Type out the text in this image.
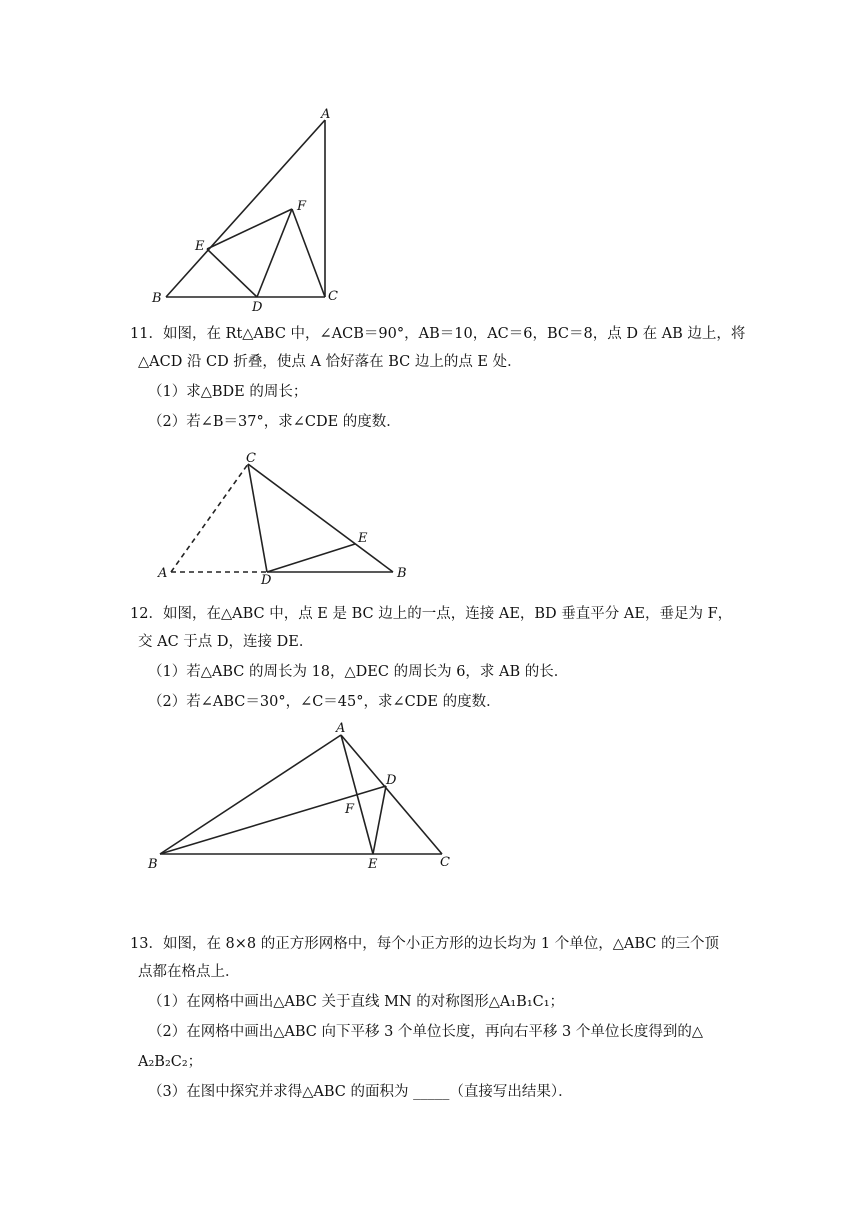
A
B	C
D
E
F
11．如图，在 Rt△ABC 中，∠ACB＝90°，AB＝10，AC＝6，BC＝8，点 D 在 AB 边上，将
△ACD 沿 CD 折叠，使点 A 恰好落在 BC 边上的点 E 处．
（1）求△BDE 的周长；
（2）若∠B＝37°，求∠CDE 的度数．
C
A	D
E
B
12．如图，在△ABC 中，点 E 是 BC 边上的一点，连接 AE，BD 垂直平分 AE，垂足为 F，
交 AC 于点 D，连接 DE．
（1）若△ABC 的周长为 18，△DEC 的周长为 6，求 AB 的长．
（2）若∠ABC＝30°，∠C＝45°，求∠CDE 的度数．
A
B	C
D
E
F
13．如图，在 8×8 的正方形网格中，每个小正方形的边长均为 1 个单位，△ABC 的三个顶
点都在格点上．
（1）在网格中画出△ABC 关于直线 MN 的对称图形△A₁B₁C₁；
（2）在网格中画出△ABC 向下平移 3 个单位长度，再向右平移 3 个单位长度得到的△
A₂B₂C₂；
（3）在图中探究并求得△ABC 的面积为 _____（直接写出结果）．
